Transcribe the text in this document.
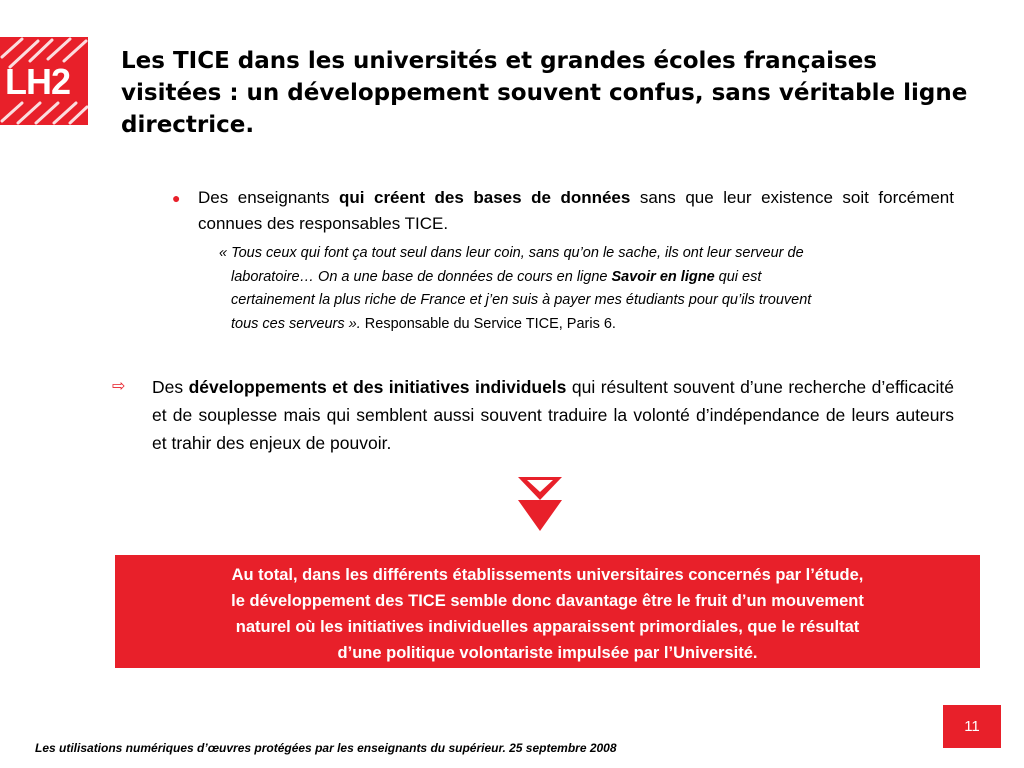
LH2	Les TICE dans les universités et grandes écoles françaises visitées : un développement souvent confus, sans véritable ligne directrice.
● Des enseignants qui créent des bases de données sans que leur existence soit forcément connues des responsables TICE.
« Tous ceux qui font ça tout seul dans leur coin, sans qu’on le sache, ils ont leur serveur de
laboratoire… On a une base de données de cours en ligne Savoir en ligne qui est
certainement la plus riche de France et j’en suis à payer mes étudiants pour qu’ils trouvent
tous ces serveurs ». Responsable du Service TICE, Paris 6.
⇨ Des développements et des initiatives individuels qui résultent souvent d’une recherche d’efficacité et de souplesse mais qui semblent aussi souvent traduire la volonté d’indépendance de leurs auteurs et trahir des enjeux de pouvoir.
Au total, dans les différents établissements universitaires concernés par l’étude,
le développement des TICE semble donc davantage être le fruit d’un mouvement
naturel où les initiatives individuelles apparaissent primordiales, que le résultat
d’une politique volontariste impulsée par l’Université.
11
Les utilisations numériques d’œuvres protégées par les enseignants du supérieur. 25 septembre 2008
